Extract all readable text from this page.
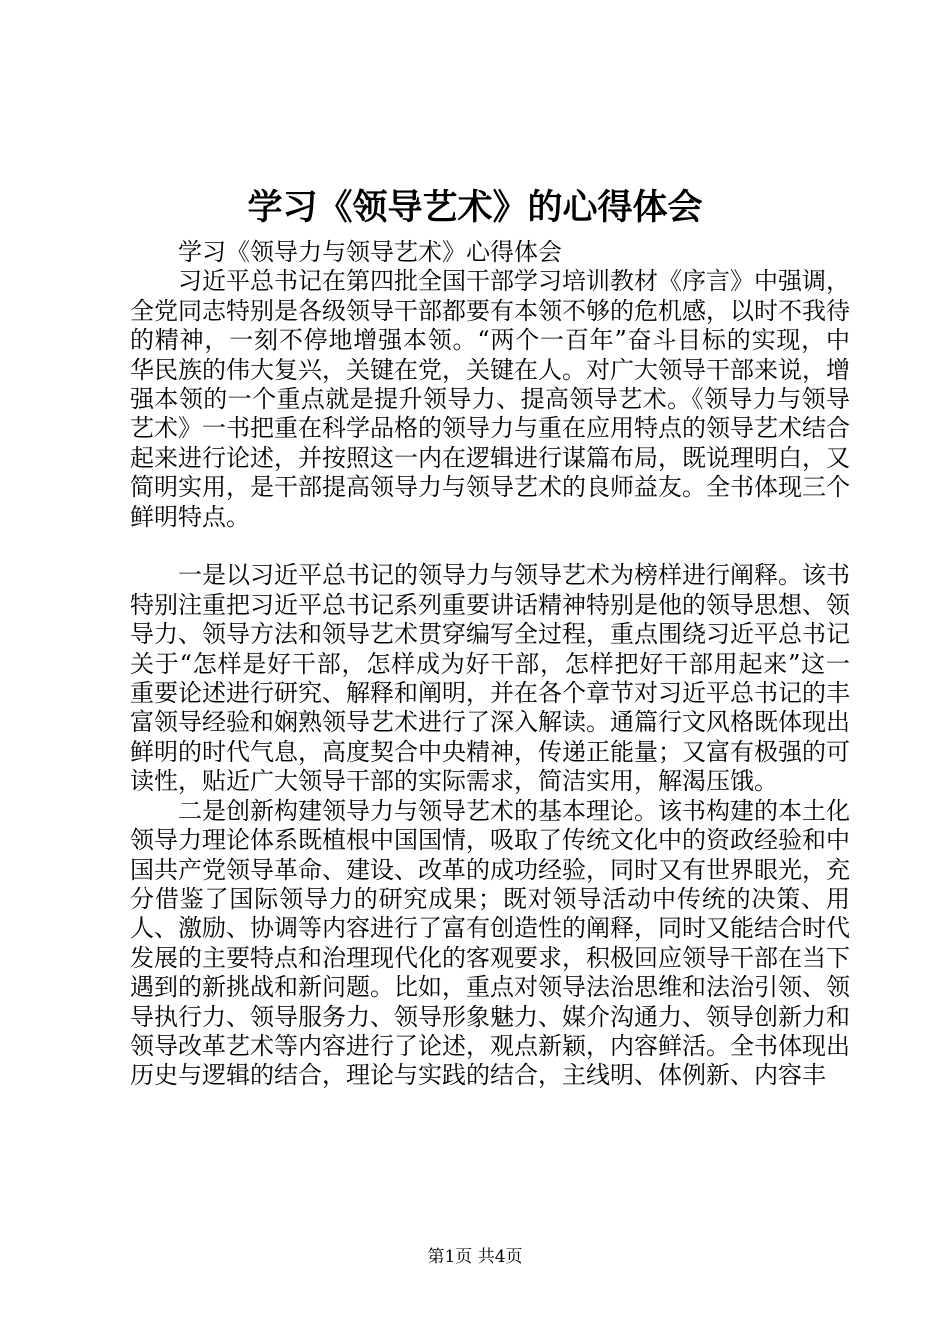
学习《领导艺术》的心得体会

学习《领导力与领导艺术》心得体会

习近平总书记在第四批全国干部学习培训教材《序言》中强调，全党同志特别是各级领导干部都要有本领不够的危机感，以时不我待的精神，一刻不停地增强本领。“两个一百年”奋斗目标的实现，中华民族的伟大复兴，关键在党，关键在人。对广大领导干部来说，增强本领的一个重点就是提升领导力、提高领导艺术。《领导力与领导艺术》一书把重在科学品格的领导力与重在应用特点的领导艺术结合起来进行论述，并按照这一内在逻辑进行谋篇布局，既说理明白，又简明实用，是干部提高领导力与领导艺术的良师益友。全书体现三个鲜明特点。

一是以习近平总书记的领导力与领导艺术为榜样进行阐释。该书特别注重把习近平总书记系列重要讲话精神特别是他的领导思想、领导力、领导方法和领导艺术贯穿编写全过程，重点围绕习近平总书记关于“怎样是好干部，怎样成为好干部，怎样把好干部用起来”这一重要论述进行研究、解释和阐明，并在各个章节对习近平总书记的丰富领导经验和娴熟领导艺术进行了深入解读。通篇行文风格既体现出鲜明的时代气息，高度契合中央精神，传递正能量；又富有极强的可读性，贴近广大领导干部的实际需求，简洁实用，解渴压饿。

二是创新构建领导力与领导艺术的基本理论。该书构建的本土化领导力理论体系既植根中国国情，吸取了传统文化中的资政经验和中国共产党领导革命、建设、改革的成功经验，同时又有世界眼光，充分借鉴了国际领导力的研究成果；既对领导活动中传统的决策、用人、激励、协调等内容进行了富有创造性的阐释，同时又能结合时代发展的主要特点和治理现代化的客观要求，积极回应领导干部在当下遇到的新挑战和新问题。比如，重点对领导法治思维和法治引领、领导执行力、领导服务力、领导形象魅力、媒介沟通力、领导创新力和领导改革艺术等内容进行了论述，观点新颖，内容鲜活。全书体现出历史与逻辑的结合，理论与实践的结合，主线明、体例新、内容丰

第1页 共4页
